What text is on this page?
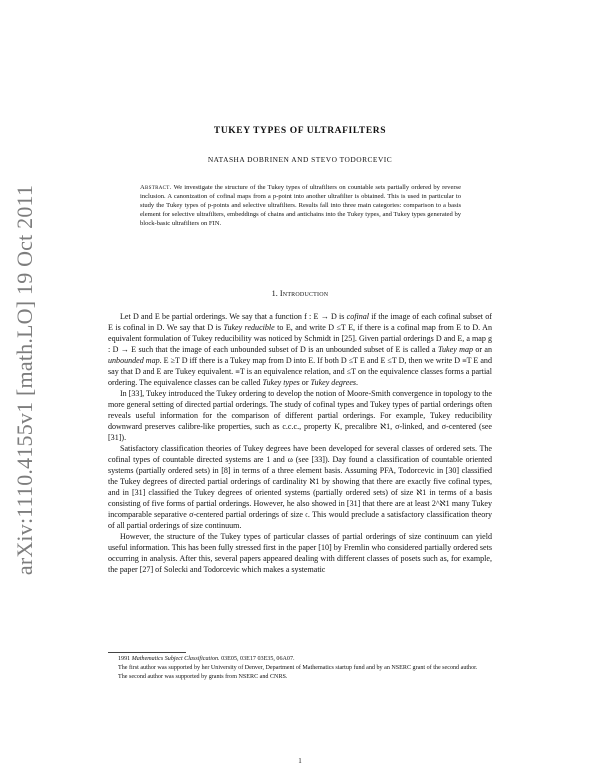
arXiv:1110.4155v1 [math.LO] 19 Oct 2011
TUKEY TYPES OF ULTRAFILTERS
NATASHA DOBRINEN AND STEVO TODORCEVIC
Abstract. We investigate the structure of the Tukey types of ultrafilters on countable sets partially ordered by reverse inclusion. A canonization of cofinal maps from a p-point into another ultrafilter is obtained. This is used in particular to study the Tukey types of p-points and selective ultrafilters. Results fall into three main categories: comparison to a basis element for selective ultrafilters, embeddings of chains and antichains into the Tukey types, and Tukey types generated by block-basic ultrafilters on FIN.
1. Introduction

Let D and E be partial orderings. We say that a function f : E → D is cofinal if the image of each cofinal subset of E is cofinal in D. We say that D is Tukey reducible to E, and write D ≤T E, if there is a cofinal map from E to D. An equivalent formulation of Tukey reducibility was noticed by Schmidt in [25]. Given partial orderings D and E, a map g : D → E such that the image of each unbounded subset of D is an unbounded subset of E is called a Tukey map or an unbounded map. E ≥T D iff there is a Tukey map from D into E. If both D ≤T E and E ≤T D, then we write D ≡T E and say that D and E are Tukey equivalent. ≡T is an equivalence relation, and ≤T on the equivalence classes forms a partial ordering. The equivalence classes can be called Tukey types or Tukey degrees.

In [33], Tukey introduced the Tukey ordering to develop the notion of Moore-Smith convergence in topology to the more general setting of directed partial orderings. The study of cofinal types and Tukey types of partial orderings often reveals useful information for the comparison of different partial orderings. For example, Tukey reducibility downward preserves calibre-like properties, such as c.c.c., property K, precalibre ℵ1, σ-linked, and σ-centered (see [31]).

Satisfactory classification theories of Tukey degrees have been developed for several classes of ordered sets. The cofinal types of countable directed systems are 1 and ω (see [33]). Day found a classification of countable oriented systems (partially ordered sets) in [8] in terms of a three element basis. Assuming PFA, Todorcevic in [30] classified the Tukey degrees of directed partial orderings of cardinality ℵ1 by showing that there are exactly five cofinal types, and in [31] classified the Tukey degrees of oriented systems (partially ordered sets) of size ℵ1 in terms of a basis consisting of five forms of partial orderings. However, he also showed in [31] that there are at least 2^ℵ1 many Tukey incomparable separative σ-centered partial orderings of size 𝔠. This would preclude a satisfactory classification theory of all partial orderings of size continuum.

However, the structure of the Tukey types of particular classes of partial orderings of size continuum can yield useful information. This has been fully stressed first in the paper [10] by Fremlin who considered partially ordered sets occurring in analysis. After this, several papers appeared dealing with different classes of posets such as, for example, the paper [27] of Solecki and Todorcevic which makes a systematic

1991 Mathematics Subject Classification. 03E05, 03E17 03E35, 06A07.

The first author was supported by her University of Denver, Department of Mathematics startup fund and by an NSERC grant of the second author.

The second author was supported by grants from NSERC and CNRS.

1
